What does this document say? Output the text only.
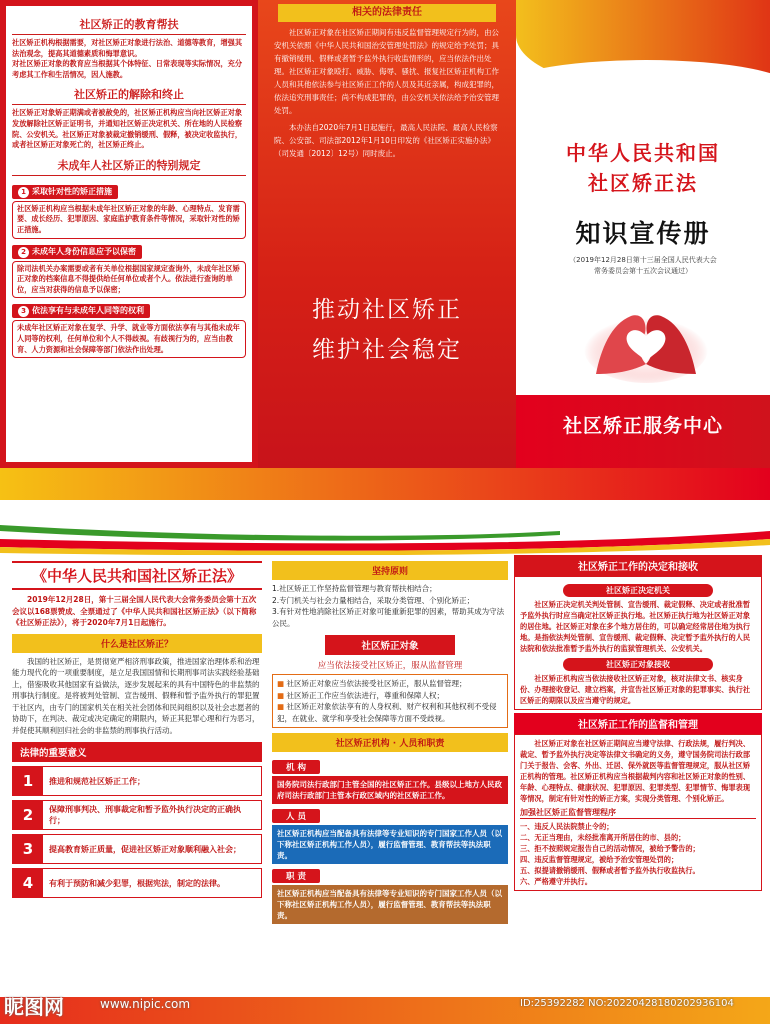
社区矫正的教育帮扶
社区矫正机构根据需要，对社区矫正对象进行法治、道德等教育，增强其法治观念，提高其道德素质和悔罪意识。
对社区矫正对象的教育应当根据其个体特征、日常表现等实际情况，充分考虑其工作和生活情况，因人施教。
社区矫正的解除和终止
社区矫正对象矫正期满或者被赦免的，社区矫正机构应当向社区矫正对象发放解除社区矫正证明书，并通知社区矫正决定机关、所在地的人民检察院、公安机关。社区矫正对象被裁定撤销缓刑、假释，被决定收监执行，或者社区矫正对象死亡的，社区矫正终止。
未成年人社区矫正的特别规定
1 采取针对性的矫正措施
社区矫正机构应当根据未成年社区矫正对象的年龄、心理特点、发育需要、成长经历、犯罪原因、家庭监护教育条件等情况，采取针对性的矫正措施。
2 未成年人身份信息应予以保密
除司法机关办案需要或者有关单位根据国家规定查询外，未成年社区矫正对象的档案信息不得提供给任何单位或者个人。依法进行查询的单位，应当对获得的信息予以保密；
3 依法享有与未成年人同等的权利
未成年社区矫正对象在复学、升学、就业等方面依法享有与其他未成年人同等的权利，任何单位和个人不得歧视。有歧视行为的，应当由教育、人力资源和社会保障等部门依法作出处理。
相关的法律责任

社区矫正对象在社区矫正期间有违反监督管理规定行为的，由公安机关依照《中华人民共和国治安管理处罚法》的规定给予处罚；具有撤销缓刑、假释或者暂予监外执行收监情形的，应当依法作出处理。社区矫正对象殴打、威胁、侮辱、骚扰、报复社区矫正机构工作人员和其他依法参与社区矫正工作的人员及其近亲属，构成犯罪的，依法追究刑事责任；尚不构成犯罪的，由公安机关依法给予治安管理处罚。

本办法自2020年7月1日起施行，最高人民法院、最高人民检察院、公安部、司法部2012年1月10日印发的《社区矫正实施办法》（司发通〔2012〕12号）同时废止。

推动社区矫正
维护社会稳定
中华人民共和国
社区矫正法
知识宣传册
（2019年12月28日第十三届全国人民代表大会
常务委员会第十五次会议通过）
社区矫正服务中心
《中华人民共和国社区矫正法》
2019年12月28日，第十三届全国人民代表大会常务委员会第十五次会议以168票赞成、全票通过了《中华人民共和国社区矫正法》（以下简称《社区矫正法》），将于2020年7月1日起施行。
什么是社区矫正？
我国的社区矫正，是贯彻宽严相济刑事政策，推进国家治理体系和治理能力现代化的一项重要制度，是立足我国国情和长期刑事司法实践经验基础上，借鉴吸收其他国家有益做法，逐步发展起来的具有中国特色的非监禁的刑事执行制度。是将被判处管制、宣告缓刑、假释和暂予监外执行的罪犯置于社区内，由专门的国家机关在相关社会团体和民间组织以及社会志愿者的协助下，在判决、裁定或决定确定的期限内，矫正其犯罪心理和行为恶习，并促使其顺利回归社会的非监禁的刑事执行活动。
法律的重要意义
1	推进和规范社区矫正工作；
2	保障刑事判决、刑事裁定和暂予监外执行决定的正确执行；
3	提高教育矫正质量，促进社区矫正对象顺利融入社会；
4	有利于预防和减少犯罪，根据宪法，制定的法律。
坚持原则
1.社区矫正工作坚持监督管理与教育帮扶相结合；
2.专门机关与社会力量相结合，采取分类管理、个别化矫正；
3.有针对性地消除社区矫正对象可能重新犯罪的因素，帮助其成为守法公民。
社区矫正对象
应当依法接受社区矫正，服从监督管理
■ 社区矫正对象应当依法接受社区矫正，服从监督管理；
■ 社区矫正工作应当依法进行，尊重和保障人权；
■ 社区矫正对象依法享有的人身权利、财产权利和其他权利不受侵犯，在就业、就学和享受社会保障等方面不受歧视。
社区矫正机构 · 人员和职责
机 构
国务院司法行政部门主管全国的社区矫正工作。县级以上地方人民政府司法行政部门主管本行政区域内的社区矫正工作。
人 员
社区矫正机构应当配备具有法律等专业知识的专门国家工作人员（以下称社区矫正机构工作人员），履行监督管理、教育帮扶等执法职责。
职 责
社区矫正机构应当配备具有法律等专业知识的专门国家工作人员（以下称社区矫正机构工作人员），履行监督管理、教育帮扶等执法职责。
社区矫正工作的决定和接收
社区矫正决定机关
社区矫正决定机关判处管制、宣告缓刑、裁定假释、决定或者批准暂予监外执行时应当确定社区矫正执行地。社区矫正执行地为社区矫正对象的居住地。社区矫正对象在多个地方居住的，可以确定经常居住地为执行地。是指依法判处管制、宣告缓刑、裁定假释、决定暂予监外执行的人民法院和依法批准暂予监外执行的监狱管理机关、公安机关。
社区矫正对象接收
社区矫正机构应当依法接收社区矫正对象，核对法律文书、核实身份、办理接收登记、建立档案，并宣告社区矫正对象的犯罪事实、执行社区矫正的期限以及应当遵守的规定。
社区矫正工作的监督和管理
社区矫正对象在社区矫正期间应当遵守法律、行政法规，履行判决、裁定、暂予监外执行决定等法律文书确定的义务，遵守国务院司法行政部门关于报告、会客、外出、迁居、保外就医等监督管理规定，服从社区矫正机构的管理。社区矫正机构应当根据裁判内容和社区矫正对象的性别、年龄、心理特点、健康状况、犯罪原因、犯罪类型、犯罪情节、悔罪表现等情况，制定有针对性的矫正方案，实现分类管理、个别化矫正。
加强社区矫正监督管理程序
一、违反人民法院禁止令的；
二、无正当理由，未经批准离开所居住的市、县的；
三、拒不按照规定报告自己的活动情况，被给予警告的；
四、违反监督管理规定，被给予治安管理处罚的；
五、拟提请撤销缓刑、假释或者暂予监外执行收监执行。
六、严格遵守并执行。
昵图网	www.nipic.com	ID:25392282 NO:20220428180202936104
